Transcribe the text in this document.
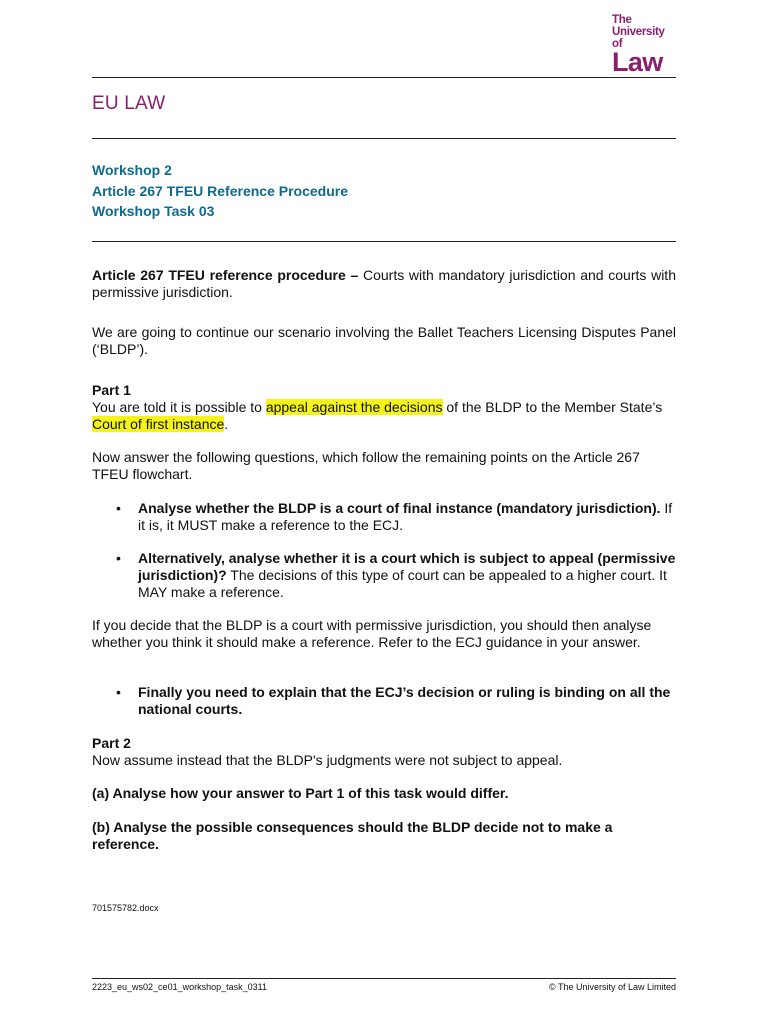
The
University of
Law
EU LAW
Workshop 2
Article 267 TFEU Reference Procedure
Workshop Task 03
Article 267 TFEU reference procedure – Courts with mandatory jurisdiction and courts with permissive jurisdiction.
We are going to continue our scenario involving the Ballet Teachers Licensing Disputes Panel (‘BLDP’).
Part 1
You are told it is possible to appeal against the decisions of the BLDP to the Member State’s Court of first instance.
Now answer the following questions, which follow the remaining points on the Article 267 TFEU flowchart.
• Analyse whether the BLDP is a court of final instance (mandatory jurisdiction). If it is, it MUST make a reference to the ECJ.
• Alternatively, analyse whether it is a court which is subject to appeal (permissive jurisdiction)? The decisions of this type of court can be appealed to a higher court. It MAY make a reference.
If you decide that the BLDP is a court with permissive jurisdiction, you should then analyse whether you think it should make a reference. Refer to the ECJ guidance in your answer.
• Finally you need to explain that the ECJ’s decision or ruling is binding on all the national courts.
Part 2
Now assume instead that the BLDP's judgments were not subject to appeal.
(a) Analyse how your answer to Part 1 of this task would differ.
(b) Analyse the possible consequences should the BLDP decide not to make a reference.
701575782.docx
2223_eu_ws02_ce01_workshop_task_0311	© The University of Law Limited
